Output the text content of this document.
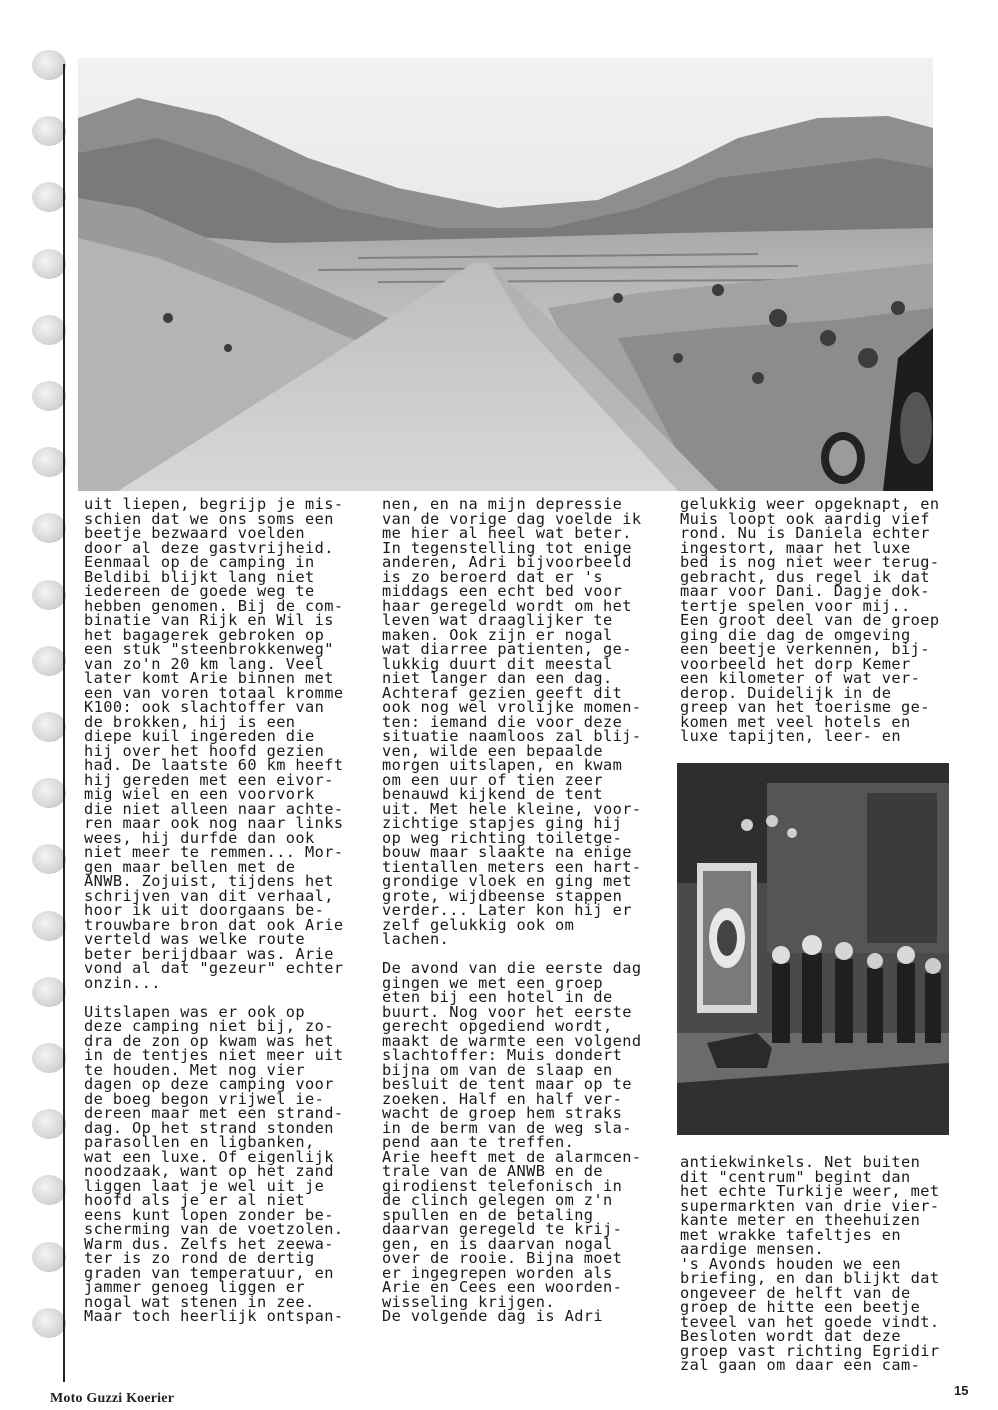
uit liepen, begrijp je mis-
schien dat we ons soms een
beetje bezwaard voelden
door al deze gastvrijheid.
Eenmaal op de camping in
Beldibi blijkt lang niet
iedereen de goede weg te
hebben genomen. Bij de com-
binatie van Rijk en Wil is
het bagagerek gebroken op
een stuk "steenbrokkenweg"
van zo'n 20 km lang. Veel
later komt Arie binnen met
een van voren totaal kromme
K100: ook slachtoffer van
de brokken, hij is een
diepe kuil ingereden die
hij over het hoofd gezien
had. De laatste 60 km heeft
hij gereden met een eivor-
mig wiel en een voorvork
die niet alleen naar achte-
ren maar ook nog naar links
wees, hij durfde dan ook
niet meer te remmen... Mor-
gen maar bellen met de
ANWB. Zojuist, tijdens het
schrijven van dit verhaal,
hoor ik uit doorgaans be-
trouwbare bron dat ook Arie
verteld was welke route
beter berijdbaar was. Arie
vond al dat "gezeur" echter
onzin...
Uitslapen was er ook op
deze camping niet bij, zo-
dra de zon op kwam was het
in de tentjes niet meer uit
te houden. Met nog vier
dagen op deze camping voor
de boeg begon vrijwel ie-
dereen maar met een strand-
dag. Op het strand stonden
parasollen en ligbanken,
wat een luxe. Of eigenlijk
noodzaak, want op het zand
liggen laat je wel uit je
hoofd als je er al niet
eens kunt lopen zonder be-
scherming van de voetzolen.
Warm dus. Zelfs het zeewa-
ter is zo rond de dertig
graden van temperatuur, en
jammer genoeg liggen er
nogal wat stenen in zee.
Maar toch heerlijk ontspan-
nen, en na mijn depressie
van de vorige dag voelde ik
me hier al heel wat beter.
In tegenstelling tot enige
anderen, Adri bijvoorbeeld
is zo beroerd dat er 's
middags een echt bed voor
haar geregeld wordt om het
leven wat draaglijker te
maken. Ook zijn er nogal
wat diarree patienten, ge-
lukkig duurt dit meestal
niet langer dan een dag.
Achteraf gezien geeft dit
ook nog wel vrolijke momen-
ten: iemand die voor deze
situatie naamloos zal blij-
ven, wilde een bepaalde
morgen uitslapen, en kwam
om een uur of tien zeer
benauwd kijkend de tent
uit. Met hele kleine, voor-
zichtige stapjes ging hij
op weg richting toiletge-
bouw maar slaakte na enige
tientallen meters een hart-
grondige vloek en ging met
grote, wijdbeense stappen
verder... Later kon hij er
zelf gelukkig ook om
lachen.
De avond van die eerste dag
gingen we met een groep
eten bij een hotel in de
buurt. Nog voor het eerste
gerecht opgediend wordt,
maakt de warmte een volgend
slachtoffer: Muis dondert
bijna om van de slaap en
besluit de tent maar op te
zoeken. Half en half ver-
wacht de groep hem straks
in de berm van de weg sla-
pend aan te treffen.
Arie heeft met de alarmcen-
trale van de ANWB en de
girodienst telefonisch in
de clinch gelegen om z'n
spullen en de betaling
daarvan geregeld te krij-
gen, en is daarvan nogal
over de rooie. Bijna moet
er ingegrepen worden als
Arie en Cees een woorden-
wisseling krijgen.
De volgende dag is Adri
gelukkig weer opgeknapt, en
Muis loopt ook aardig vief
rond. Nu is Daniela echter
ingestort, maar het luxe
bed is nog niet weer terug-
gebracht, dus regel ik dat
maar voor Dani. Dagje dok-
tertje spelen voor mij..
Een groot deel van de groep
ging die dag de omgeving
een beetje verkennen, bij-
voorbeeld het dorp Kemer
een kilometer of wat ver-
derop. Duidelijk in de
greep van het toerisme ge-
komen met veel hotels en
luxe tapijten, leer- en
antiekwinkels. Net buiten
dit "centrum" begint dan
het echte Turkije weer, met
supermarkten van drie vier-
kante meter en theehuizen
met wrakke tafeltjes en
aardige mensen.
's Avonds houden we een
briefing, en dan blijkt dat
ongeveer de helft van de
groep de hitte een beetje
teveel van het goede vindt.
Besloten wordt dat deze
groep vast richting Egridir
zal gaan om daar een cam-
Moto Guzzi Koerier
15
